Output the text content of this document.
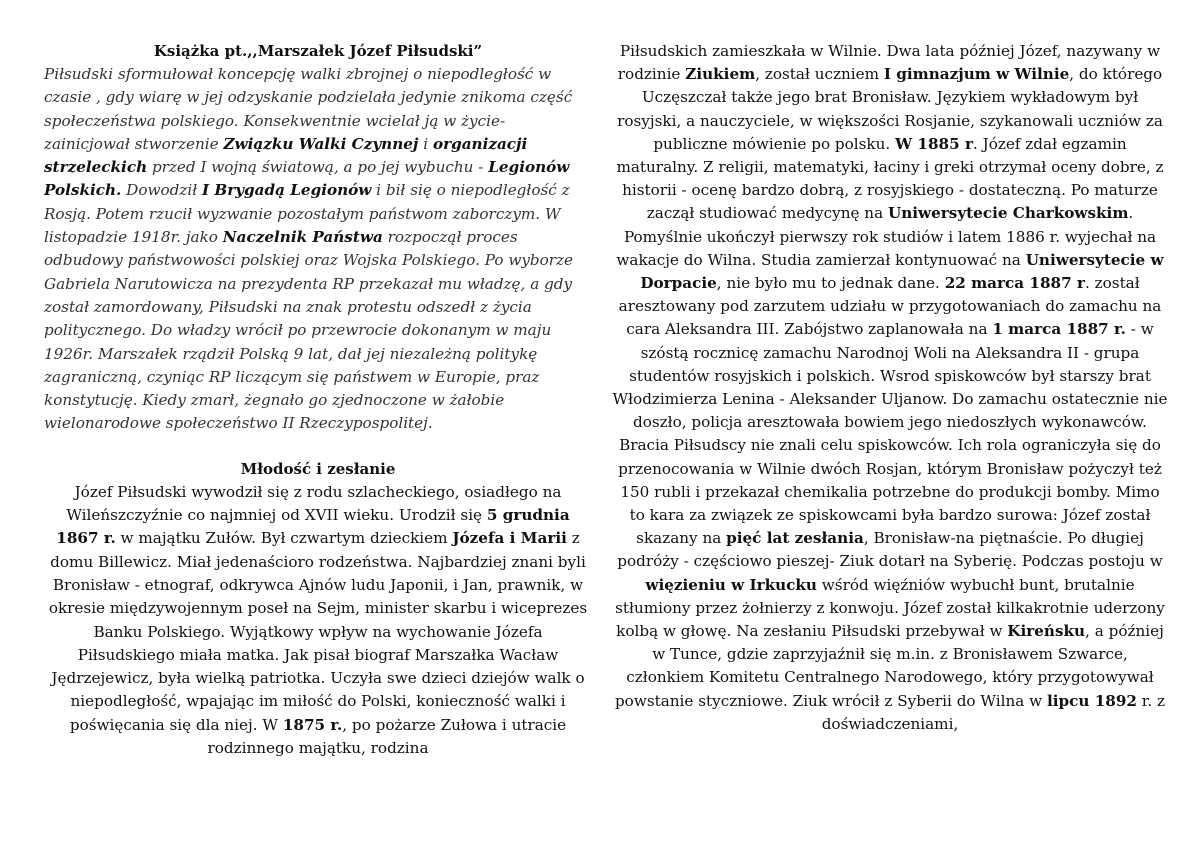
Książka pt.,,Marszałek Józef Piłsudski”

Piłsudski sformułował koncepcję walki zbrojnej o niepodległość w czasie , gdy wiarę w jej odzyskanie podzielała jedynie znikoma część społeczeństwa polskiego. Konsekwentnie wcielał ją w życie- zainicjował stworzenie Związku Walki Czynnej i organizacji strzeleckich przed I wojną światową, a po jej wybuchu - Legionów Polskich. Dowodził I Brygadą Legionów i bił się o niepodległość z Rosją. Potem rzucił wyzwanie pozostałym państwom zaborczym. W listopadzie 1918r. jako Naczelnik Państwa rozpoczął proces odbudowy państwowości polskiej oraz Wojska Polskiego. Po wyborze Gabriela Narutowicza na prezydenta RP przekazał mu władzę, a gdy został zamordowany, Piłsudski na znak protestu odszedł z życia politycznego. Do władzy wrócił po przewrocie dokonanym w maju 1926r. Marszałek rządził Polską 9 lat, dał jej niezależną politykę zagraniczną, czyniąc RP liczącym się państwem w Europie, praz konstytucję. Kiedy zmarł, żegnało go zjednoczone w żałobie wielonarodowe społeczeństwo II Rzeczypospolitej.

Młodość i zesłanie

Józef Piłsudski wywodził się z rodu szlacheckiego, osiadłego na Wileńszczyźnie co najmniej od XVII wieku. Urodził się 5 grudnia 1867 r. w majątku Zułów. Był czwartym dzieckiem Józefa i Marii z domu Billewicz. Miał jedenaścioro rodzeństwa. Najbardziej znani byli Bronisław - etnograf, odkrywca Ajnów ludu Japonii, i Jan, prawnik, w okresie międzywojennym poseł na Sejm, minister skarbu i wiceprezes Banku Polskiego. Wyjątkowy wpływ na wychowanie Józefa Piłsudskiego miała matka. Jak pisał biograf Marszałka Wacław Jędrzejewicz, była wielką patriotka. Uczyła swe dzieci dziejów walk o niepodległość, wpajając im miłość do Polski, konieczność walki i poświęcania się dla niej. W 1875 r., po pożarze Zułowa i utracie rodzinnego majątku, rodzina

Piłsudskich zamieszkała w Wilnie. Dwa lata później Józef, nazywany w rodzinie Ziukiem, został uczniem I gimnazjum w Wilnie, do którego Uczęszczał także jego brat Bronisław. Językiem wykładowym był rosyjski, a nauczyciele, w większości Rosjanie, szykanowali uczniów za publiczne mówienie po polsku. W 1885 r. Józef zdał egzamin maturalny. Z religii, matematyki, łaciny i greki otrzymał oceny dobre, z historii - ocenę bardzo dobrą, z rosyjskiego - dostateczną. Po maturze zaczął studiować medycynę na Uniwersytecie Charkowskim. Pomyślnie ukończył pierwszy rok studiów i latem 1886 r. wyjechał na wakacje do Wilna. Studia zamierzał kontynuować na Uniwersytecie w Dorpacie, nie było mu to jednak dane. 22 marca 1887 r. został aresztowany pod zarzutem udziału w przygotowaniach do zamachu na cara Aleksandra III. Zabójstwo zaplanowała na 1 marca 1887 r. - w szóstą rocznicę zamachu Narodnoj Woli na Aleksandra II - grupa studentów rosyjskich i polskich. Wsrod spiskowców był starszy brat Włodzimierza Lenina - Aleksander Uljanow. Do zamachu ostatecznie nie doszło, policja aresztowała bowiem jego niedoszłych wykonawców. Bracia Piłsudscy nie znali celu spiskowców. Ich rola ograniczyła się do przenocowania w Wilnie dwóch Rosjan, którym Bronisław pożyczył też 150 rubli i przekazał chemikalia potrzebne do produkcji bomby. Mimo to kara za związek ze spiskowcami była bardzo surowa: Józef został skazany na pięć lat zesłania, Bronisław-na piętnaście. Po długiej podróży - częściowo pieszej- Ziuk dotarł na Syberię. Podczas postoju w więzieniu w Irkucku wśród więźniów wybuchł bunt, brutalnie stłumiony przez żołnierzy z konwoju. Józef został kilkakrotnie uderzony kolbą w głowę. Na zesłaniu Piłsudski przebywał w Kireńsku, a później w Tunce, gdzie zaprzyjaźnił się m.in. z Bronisławem Szwarce, członkiem Komitetu Centralnego Narodowego, który przygotowywał powstanie styczniowe. Ziuk wrócił z Syberii do Wilna w lipcu 1892 r. z doświadczeniami,
